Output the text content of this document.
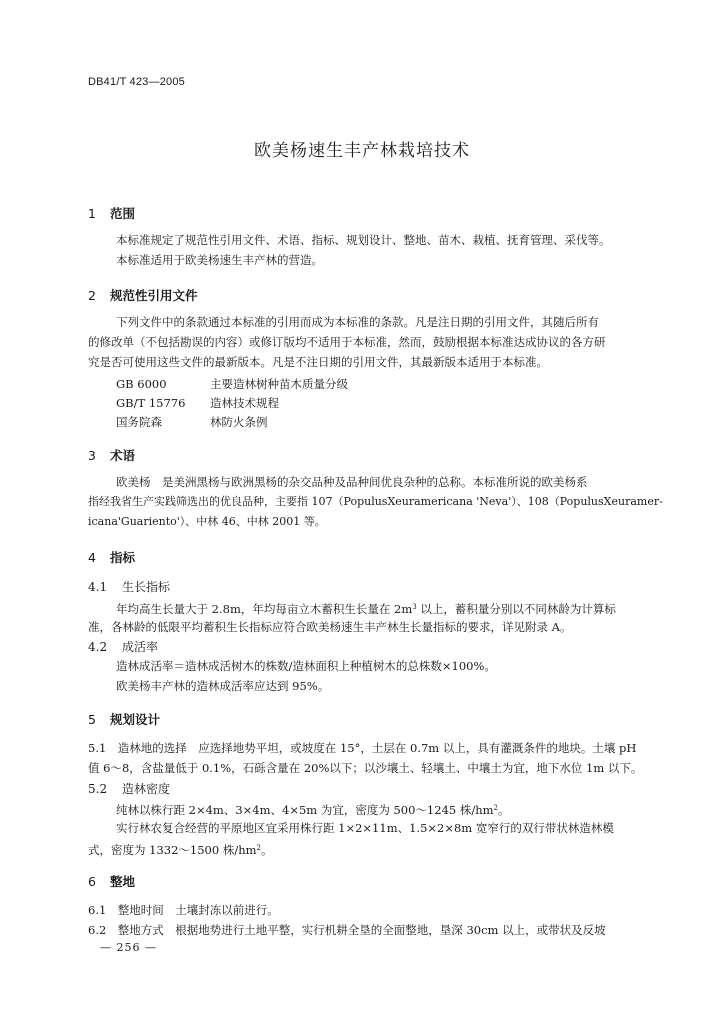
DB41/T 423—2005
欧美杨速生丰产林栽培技术
1 范围
本标准规定了规范性引用文件、术语、指标、规划设计、整地、苗木、栽植、抚育管理、采伐等。
本标准适用于欧美杨速生丰产林的营造。
2 规范性引用文件
下列文件中的条款通过本标准的引用而成为本标准的条款。凡是注日期的引用文件，其随后所有
的修改单（不包括勘误的内容）或修订版均不适用于本标准，然而，鼓励根据本标准达成协议的各方研
究是否可使用这些文件的最新版本。凡是不注日期的引用文件，其最新版本适用于本标准。
GB 6000	主要造林树种苗木质量分级
GB/T 15776 造林技术规程
国务院森	林防火条例
3 术语
欧美杨　是美洲黑杨与欧洲黑杨的杂交品种及品种间优良杂种的总称。本标准所说的欧美杨系
指经我省生产实践筛选出的优良品种，主要指 107（PopulusXeuramericana 'Neva'）、108（PopulusXeuramer-
icana'Guariento'）、中林 46、中林 2001 等。
4 指标
4.1 生长指标
年均高生长量大于 2.8m，年均每亩立木蓄积生长量在 $2m^3$ 以上，蓄积量分别以不同林龄为计算标
准，各林龄的低限平均蓄积生长指标应符合欧美杨速生丰产林生长量指标的要求，详见附录 A。
4.2 成活率
造林成活率＝造林成活树木的株数/造林面积上种植树木的总株数×100%。
欧美杨丰产林的造林成活率应达到 95%。
5 规划设计
5.1　造林地的选择　应选择地势平坦，或坡度在 15°，土层在 0.7m 以上，具有灌溉条件的地块。土壤 pH
值 6～8，含盐量低于 0.1%，石砾含量在 20%以下；以沙壤土、轻壤土、中壤土为宜，地下水位 1m 以下。
5.2 造林密度
纯林以株行距 2×4m、3×4m、4×5m 为宜，密度为 500～1245 株$/hm^2$。
实行林农复合经营的平原地区宜采用株行距 1×2×11m、1.5×2×8m 宽窄行的双行带状林造林模
式，密度为 1332～1500 株$/hm^2$。
6 整地
6.1　整地时间　土壤封冻以前进行。
6.2　整地方式　根据地势进行土地平整，实行机耕全垦的全面整地，垦深 30cm 以上，或带状及反坡
— 256 —
